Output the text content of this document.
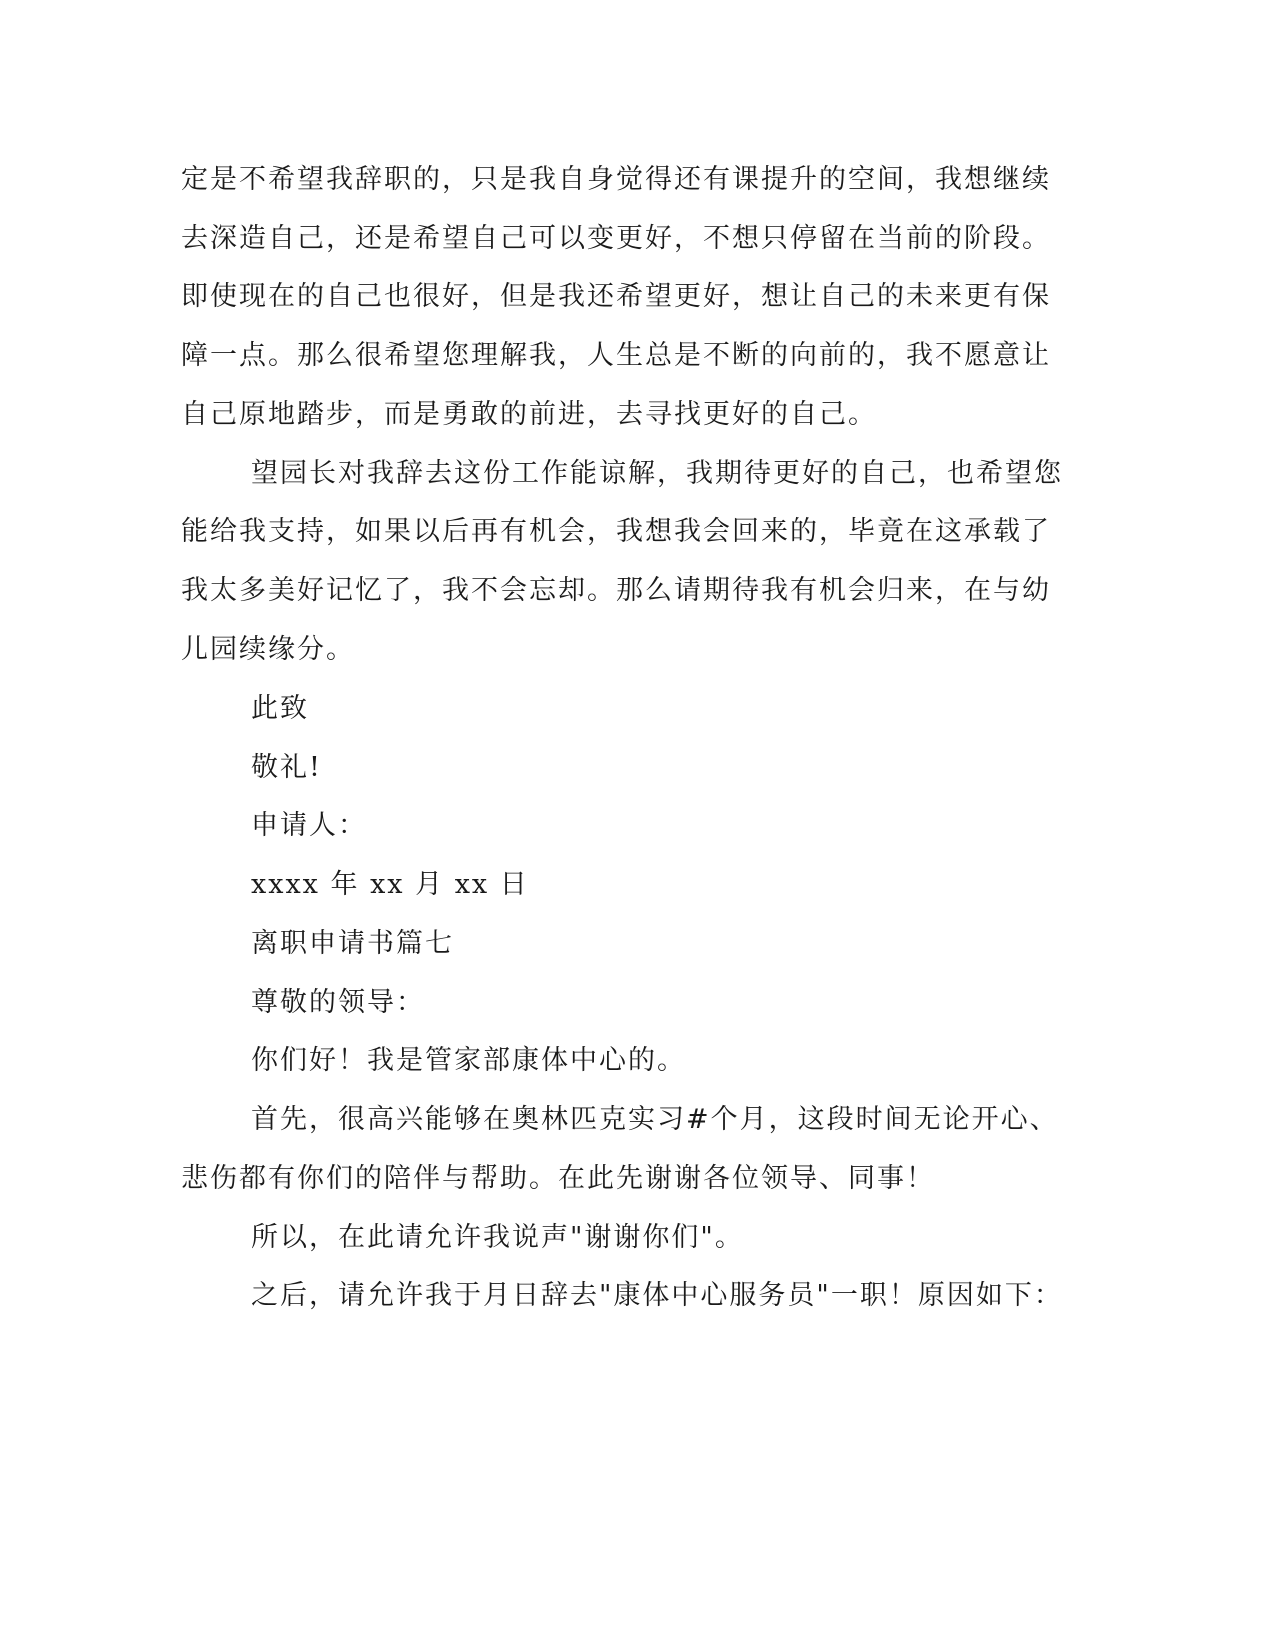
定是不希望我辞职的，只是我自身觉得还有课提升的空间，我想继续
去深造自己，还是希望自己可以变更好，不想只停留在当前的阶段。
即使现在的自己也很好，但是我还希望更好，想让自己的未来更有保
障一点。那么很希望您理解我，人生总是不断的向前的，我不愿意让
自己原地踏步，而是勇敢的前进，去寻找更好的自己。
望园长对我辞去这份工作能谅解，我期待更好的自己，也希望您
能给我支持，如果以后再有机会，我想我会回来的，毕竟在这承载了
我太多美好记忆了，我不会忘却。那么请期待我有机会归来，在与幼
儿园续缘分。
此致
敬礼!
申请人：
xxxx 年 xx 月 xx 日
离职申请书篇七
尊敬的领导：
你们好！我是管家部康体中心的。
首先，很高兴能够在奥林匹克实习#个月，这段时间无论开心、
悲伤都有你们的陪伴与帮助。在此先谢谢各位领导、同事！
所以，在此请允许我说声"谢谢你们"。
之后，请允许我于月日辞去"康体中心服务员"一职！原因如下：
